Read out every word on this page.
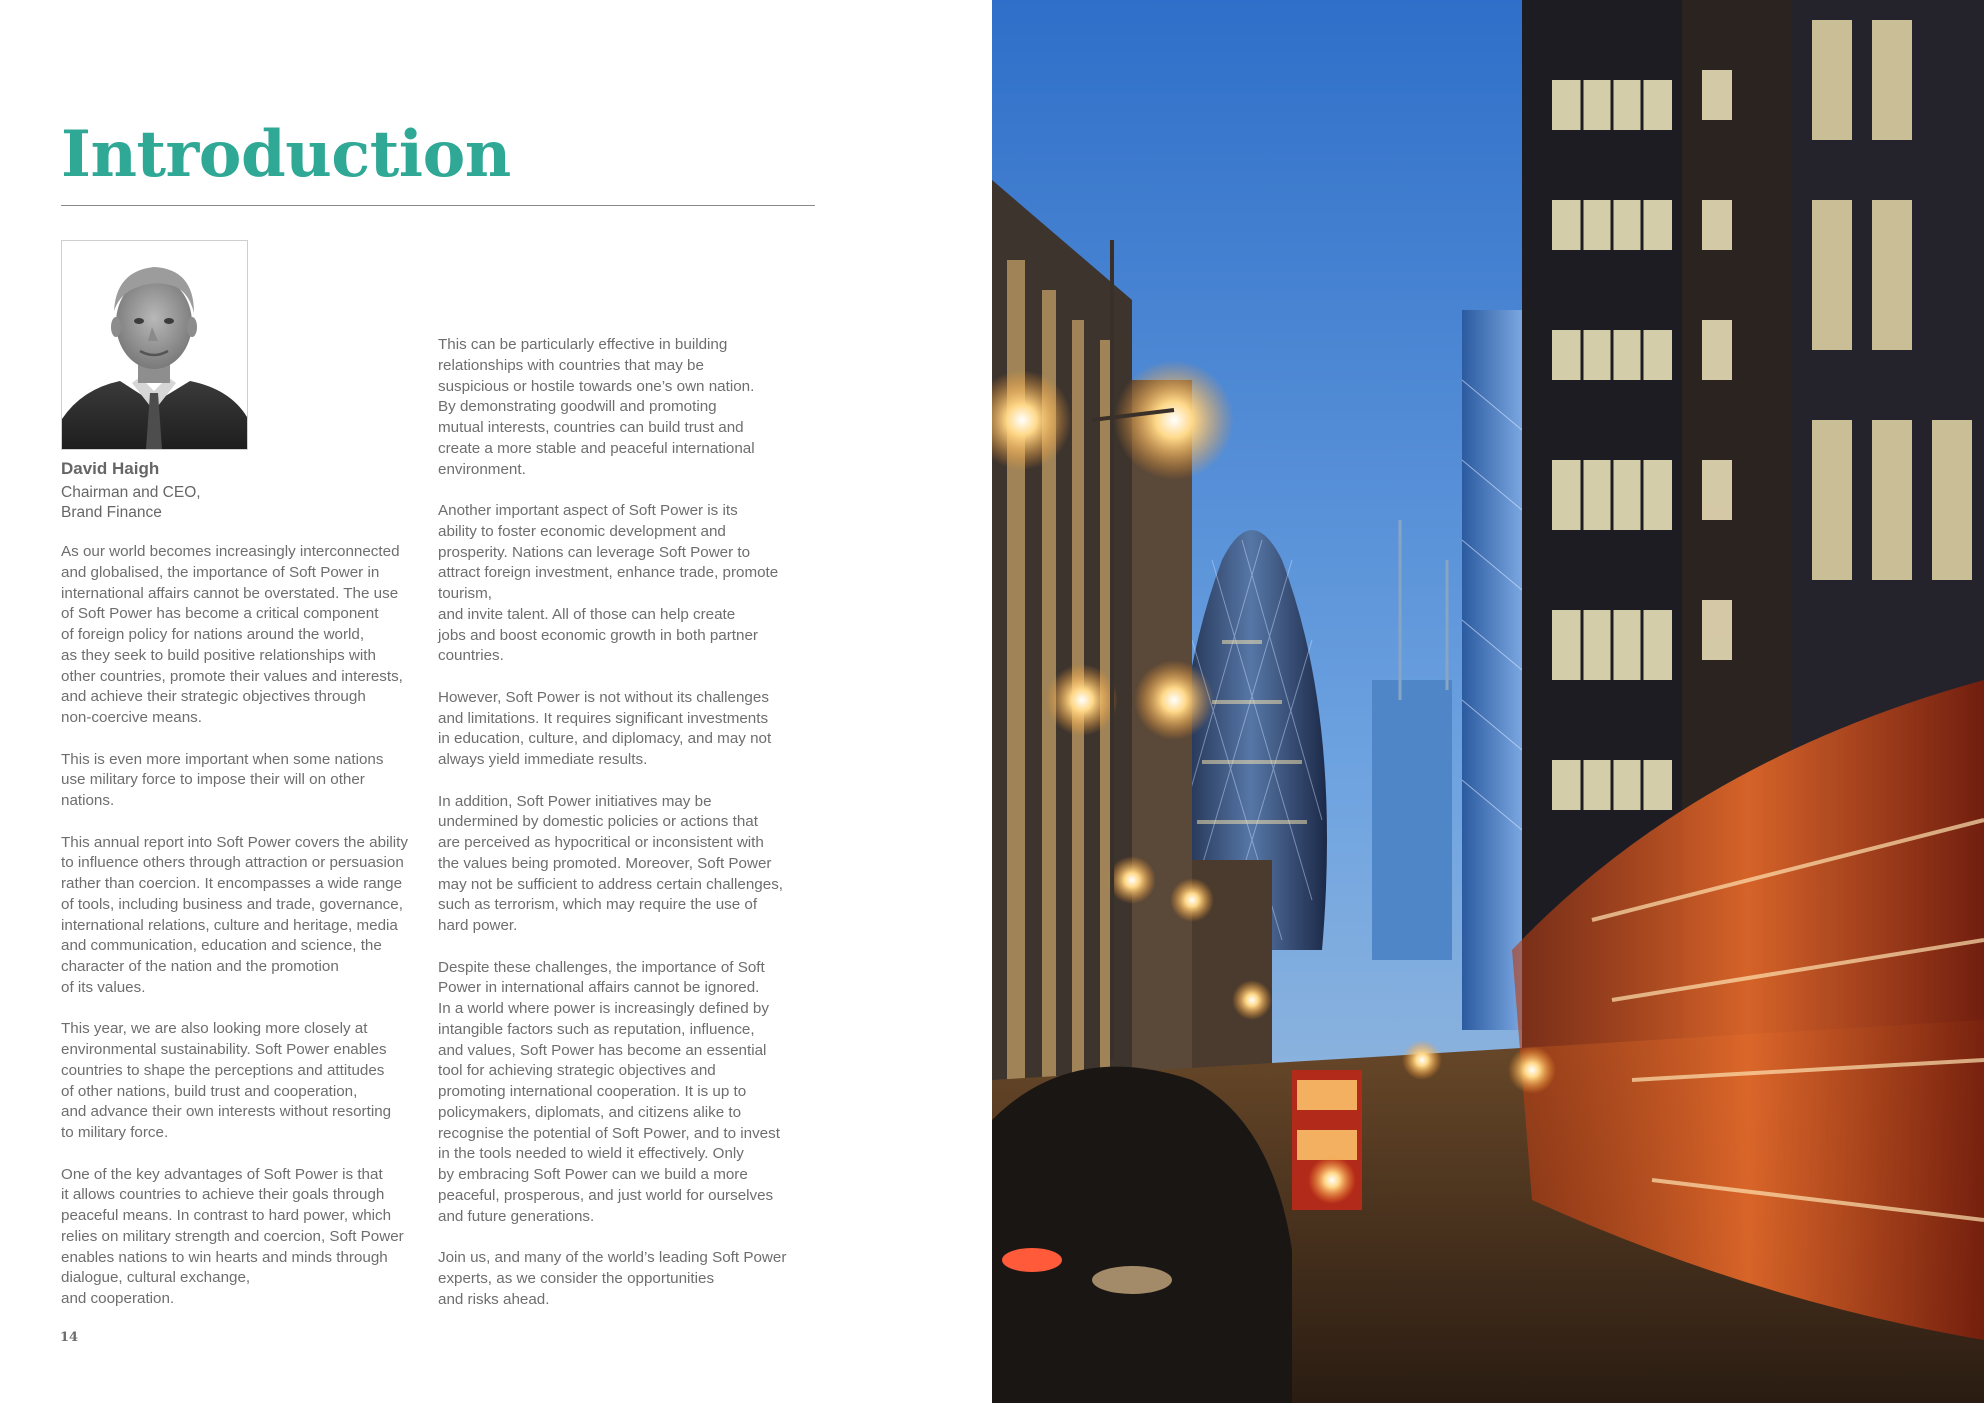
Introduction
David Haigh
Chairman and CEO,
Brand Finance

As our world becomes increasingly interconnected
and globalised, the importance of Soft Power in
international affairs cannot be overstated. The use
of Soft Power has become a critical component
of foreign policy for nations around the world,
as they seek to build positive relationships with
other countries, promote their values and interests,
and achieve their strategic objectives through
non-coercive means.

This is even more important when some nations
use military force to impose their will on other
nations.

This annual report into Soft Power covers the ability
to influence others through attraction or persuasion
rather than coercion. It encompasses a wide range
of tools, including business and trade, governance,
international relations, culture and heritage, media
and communication, education and science, the
character of the nation and the promotion
of its values.

This year, we are also looking more closely at
environmental sustainability. Soft Power enables
countries to shape the perceptions and attitudes
of other nations, build trust and cooperation,
and advance their own interests without resorting
to military force.

One of the key advantages of Soft Power is that
it allows countries to achieve their goals through
peaceful means. In contrast to hard power, which
relies on military strength and coercion, Soft Power
enables nations to win hearts and minds through
dialogue, cultural exchange,
and cooperation.

This can be particularly effective in building
relationships with countries that may be
suspicious or hostile towards one’s own nation.
By demonstrating goodwill and promoting
mutual interests, countries can build trust and
create a more stable and peaceful international
environment.

Another important aspect of Soft Power is its
ability to foster economic development and
prosperity. Nations can leverage Soft Power to
attract foreign investment, enhance trade, promote
tourism,
and invite talent. All of those can help create
jobs and boost economic growth in both partner
countries.

However, Soft Power is not without its challenges
and limitations. It requires significant investments
in education, culture, and diplomacy, and may not
always yield immediate results.

In addition, Soft Power initiatives may be
undermined by domestic policies or actions that
are perceived as hypocritical or inconsistent with
the values being promoted. Moreover, Soft Power
may not be sufficient to address certain challenges,
such as terrorism, which may require the use of
hard power.

Despite these challenges, the importance of Soft
Power in international affairs cannot be ignored.
In a world where power is increasingly defined by
intangible factors such as reputation, influence,
and values, Soft Power has become an essential
tool for achieving strategic objectives and
promoting international cooperation. It is up to
policymakers, diplomats, and citizens alike to
recognise the potential of Soft Power, and to invest
in the tools needed to wield it effectively. Only
by embracing Soft Power can we build a more
peaceful, prosperous, and just world for ourselves
and future generations.

Join us, and many of the world’s leading Soft Power
experts, as we consider the opportunities
and risks ahead.

14
